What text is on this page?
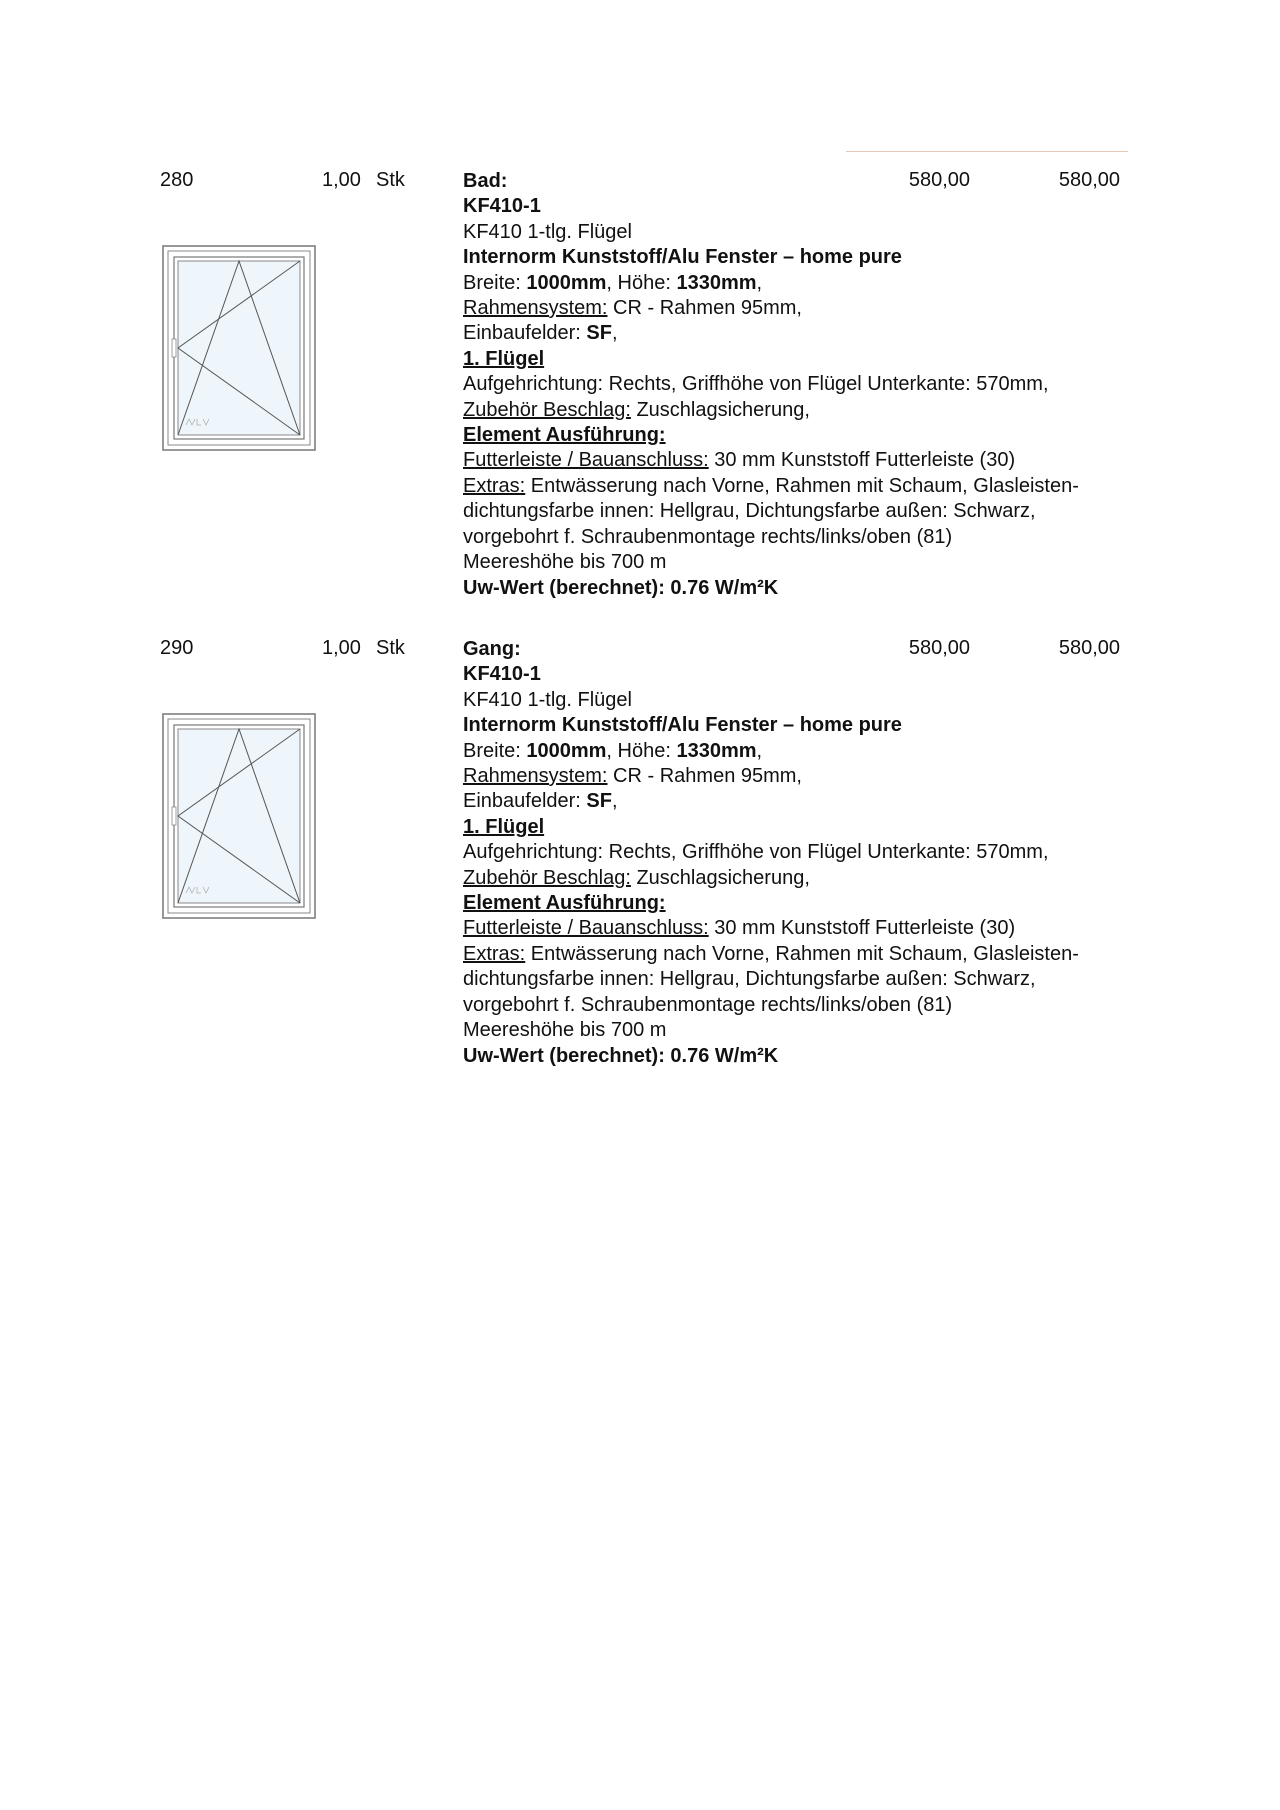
280	1,00 Stk	580,00	580,00
Bad:
KF410-1
KF410 1-tlg. Flügel
Internorm Kunststoff/Alu Fenster – home pure
Breite: 1000mm, Höhe: 1330mm,
Rahmensystem: CR - Rahmen 95mm,
Einbaufelder: SF,
1. Flügel
Aufgehrichtung: Rechts, Griffhöhe von Flügel Unterkante: 570mm,
Zubehör Beschlag: Zuschlagsicherung,
Element Ausführung:
Futterleiste / Bauanschluss: 30 mm Kunststoff Futterleiste (30)
Extras: Entwässerung nach Vorne, Rahmen mit Schaum, Glasleisten-
dichtungsfarbe innen: Hellgrau, Dichtungsfarbe außen: Schwarz,
vorgebohrt f. Schraubenmontage rechts/links/oben (81)
Meereshöhe bis 700 m
Uw-Wert (berechnet): 0.76 W/m²K
290	1,00 Stk	580,00	580,00
Gang:
KF410-1
KF410 1-tlg. Flügel
Internorm Kunststoff/Alu Fenster – home pure
Breite: 1000mm, Höhe: 1330mm,
Rahmensystem: CR - Rahmen 95mm,
Einbaufelder: SF,
1. Flügel
Aufgehrichtung: Rechts, Griffhöhe von Flügel Unterkante: 570mm,
Zubehör Beschlag: Zuschlagsicherung,
Element Ausführung:
Futterleiste / Bauanschluss: 30 mm Kunststoff Futterleiste (30)
Extras: Entwässerung nach Vorne, Rahmen mit Schaum, Glasleisten-
dichtungsfarbe innen: Hellgrau, Dichtungsfarbe außen: Schwarz,
vorgebohrt f. Schraubenmontage rechts/links/oben (81)
Meereshöhe bis 700 m
Uw-Wert (berechnet): 0.76 W/m²K
